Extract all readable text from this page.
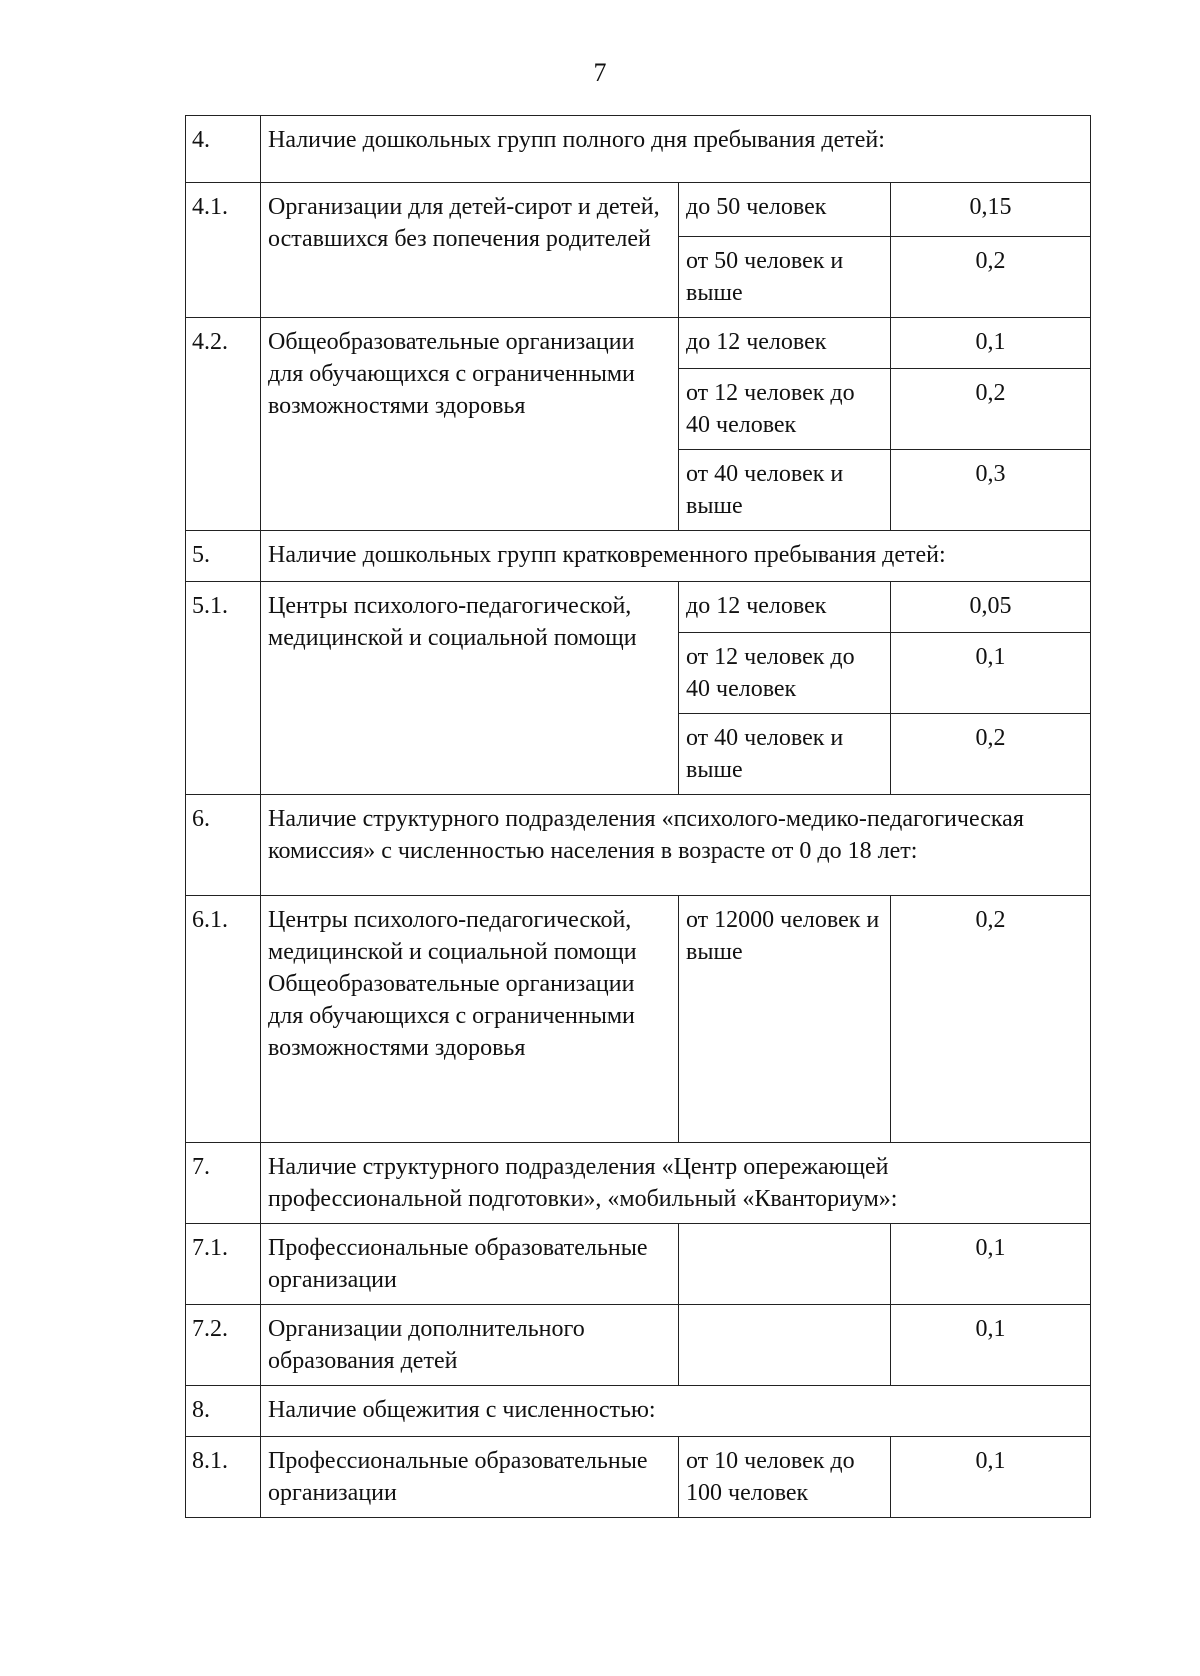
7
4.	Наличие дошкольных групп полного дня пребывания детей:		
4.1.	Организации для детей-сирот и детей, оставшихся без попечения родителей	до 50 человек	0,15
		от 50 человек и выше	0,2
4.2.	Общеобразовательные организации для обучающихся с ограниченными возможностями здоровья	до 12 человек	0,1
		от 12 человек до 40 человек	0,2
		от 40 человек и выше	0,3
5.	Наличие дошкольных групп кратковременного пребывания детей:		
5.1.	Центры психолого-педагогической, медицинской и социальной помощи	до 12 человек	0,05
		от 12 человек до 40 человек	0,1
		от 40 человек и выше	0,2
6.	Наличие структурного подразделения «психолого-медико-педагогическая комиссия» с численностью населения в возрасте от 0 до 18 лет:		
6.1.	Центры психолого-педагогической, медицинской и социальной помощи
Общеобразовательные организации для обучающихся с ограниченными возможностями здоровья	от 12000 человек и выше	0,2
7.	Наличие структурного подразделения «Центр опережающей профессиональной подготовки», «мобильный «Кванториум»:		
7.1.	Профессиональные образовательные организации		0,1
7.2.	Организации дополнительного образования детей		0,1
8.	Наличие общежития с численностью:		
8.1.	Профессиональные образовательные организации	от 10 человек до 100 человек	0,1
